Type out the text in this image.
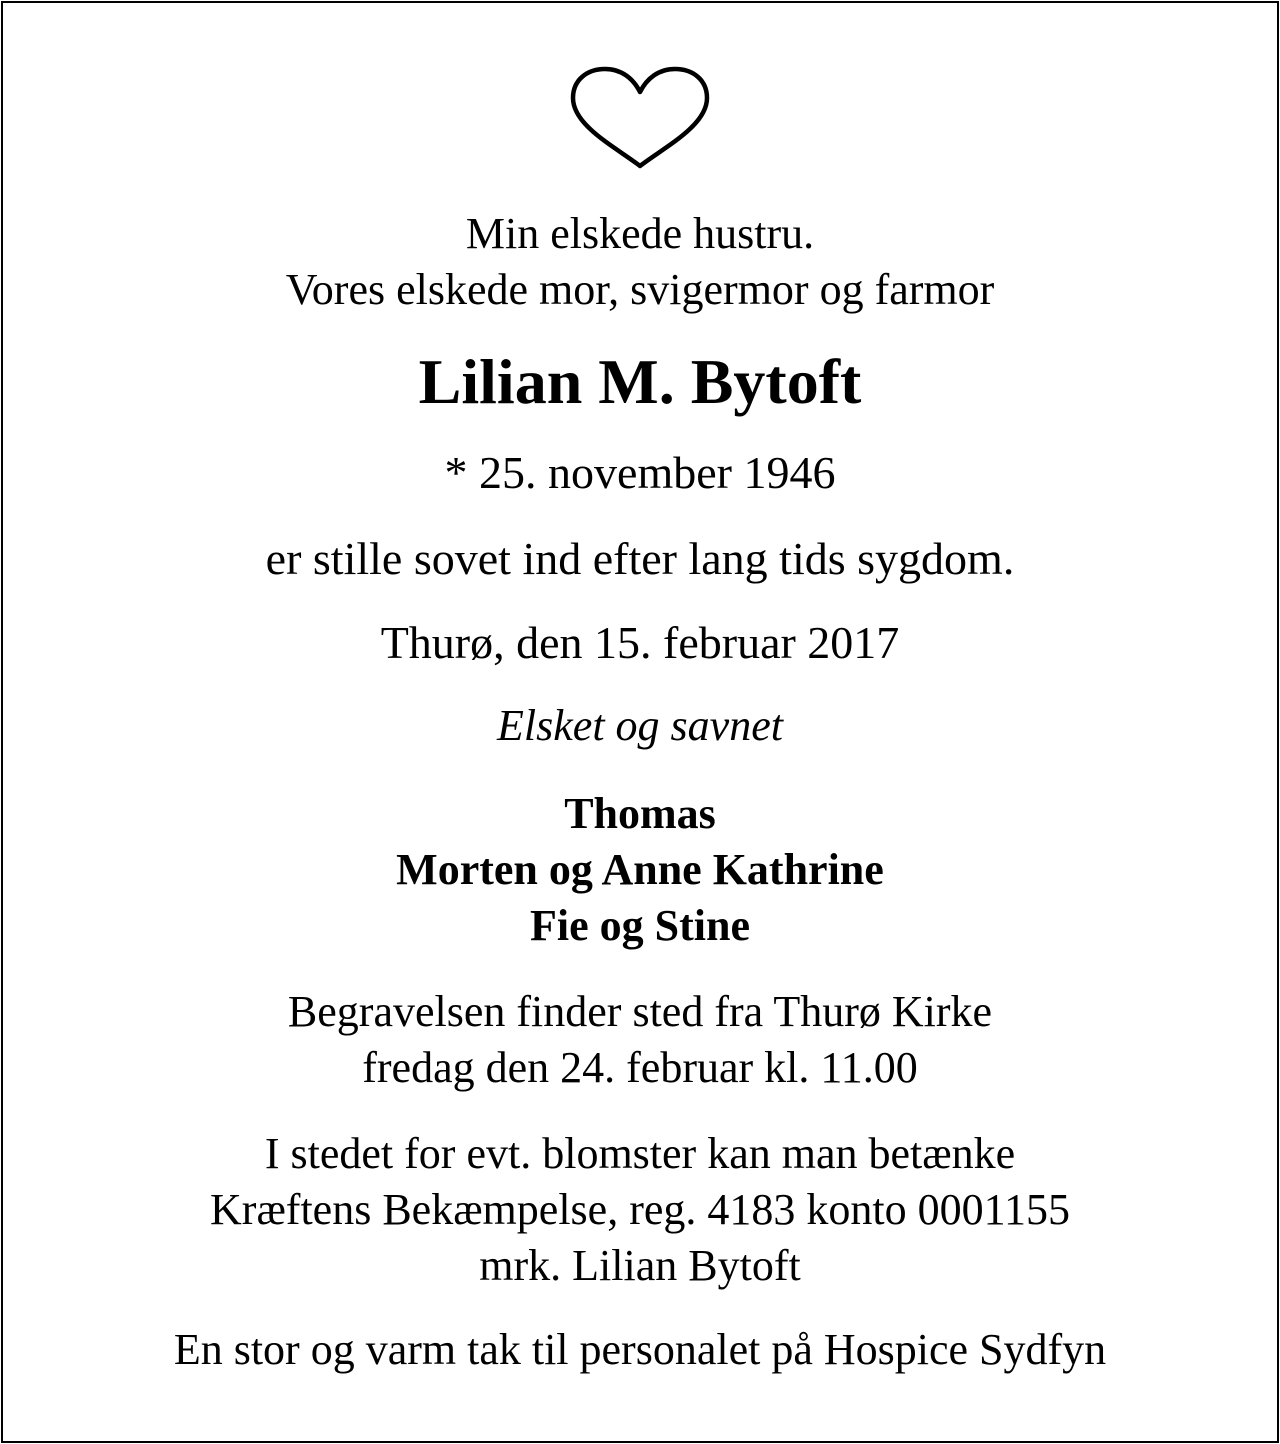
Min elskede hustru.
Vores elskede mor, svigermor og farmor
Lilian M. Bytoft
* 25. november 1946
er stille sovet ind efter lang tids sygdom.
Thurø, den 15. februar 2017
Elsket og savnet
Thomas
Morten og Anne Kathrine
Fie og Stine
Begravelsen finder sted fra Thurø Kirke
fredag den 24. februar kl. 11.00
I stedet for evt. blomster kan man betænke
Kræftens Bekæmpelse, reg. 4183 konto 0001155
mrk. Lilian Bytoft
En stor og varm tak til personalet på Hospice Sydfyn
